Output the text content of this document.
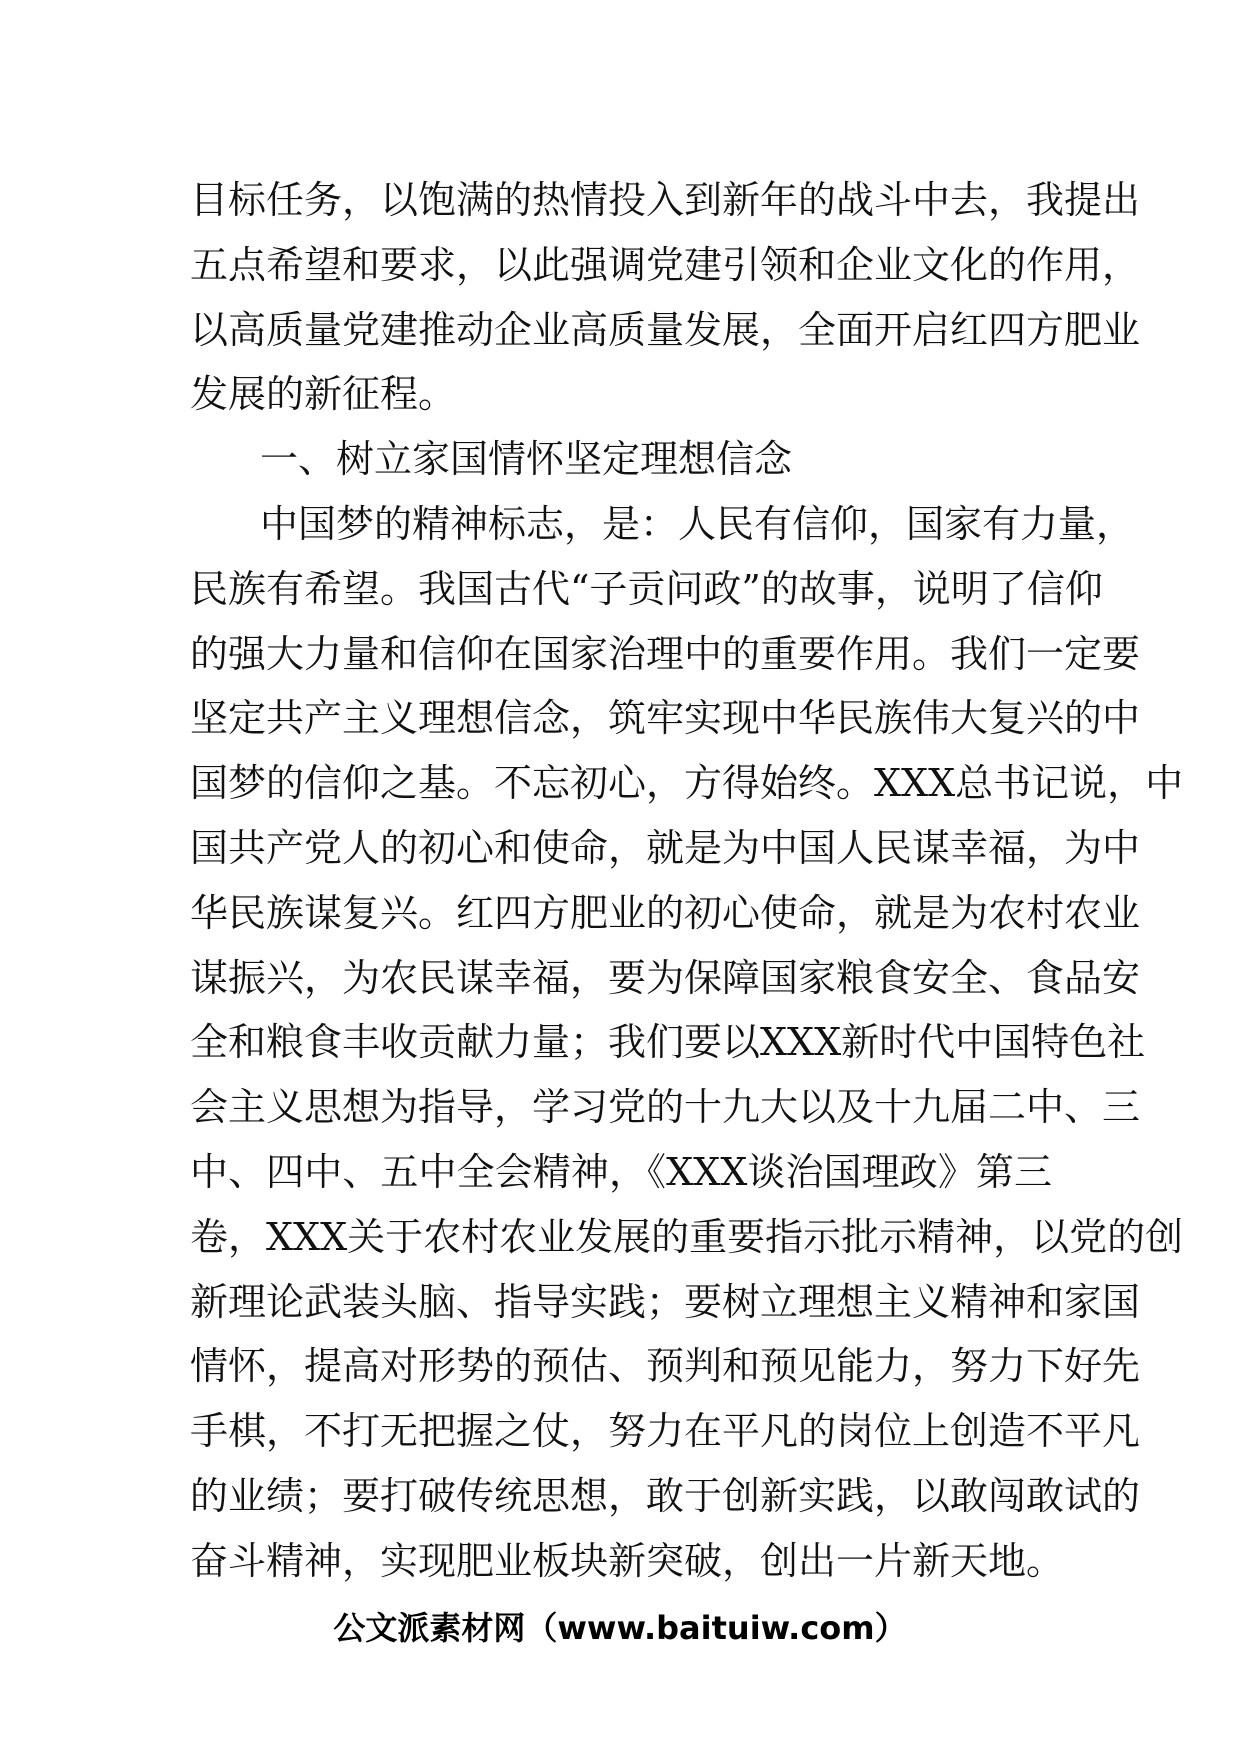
目标任务，以饱满的热情投入到新年的战斗中去，我提出
五点希望和要求，以此强调党建引领和企业文化的作用，
以高质量党建推动企业高质量发展，全面开启红四方肥业
发展的新征程。
一、树立家国情怀坚定理想信念
中国梦的精神标志，是：人民有信仰，国家有力量，
民族有希望。我国古代“子贡问政”的故事，说明了信仰
的强大力量和信仰在国家治理中的重要作用。我们一定要
坚定共产主义理想信念，筑牢实现中华民族伟大复兴的中
国梦的信仰之基。不忘初心，方得始终。XXX总书记说，中
国共产党人的初心和使命，就是为中国人民谋幸福，为中
华民族谋复兴。红四方肥业的初心使命，就是为农村农业
谋振兴，为农民谋幸福，要为保障国家粮食安全、食品安
全和粮食丰收贡献力量；我们要以XXX新时代中国特色社
会主义思想为指导，学习党的十九大以及十九届二中、三
中、四中、五中全会精神，《XXX谈治国理政》第三
卷，XXX关于农村农业发展的重要指示批示精神，以党的创
新理论武装头脑、指导实践；要树立理想主义精神和家国
情怀，提高对形势的预估、预判和预见能力，努力下好先
手棋，不打无把握之仗，努力在平凡的岗位上创造不平凡
的业绩；要打破传统思想，敢于创新实践，以敢闯敢试的
奋斗精神，实现肥业板块新突破，创出一片新天地。
公文派素材网（www.baituiw.com）
